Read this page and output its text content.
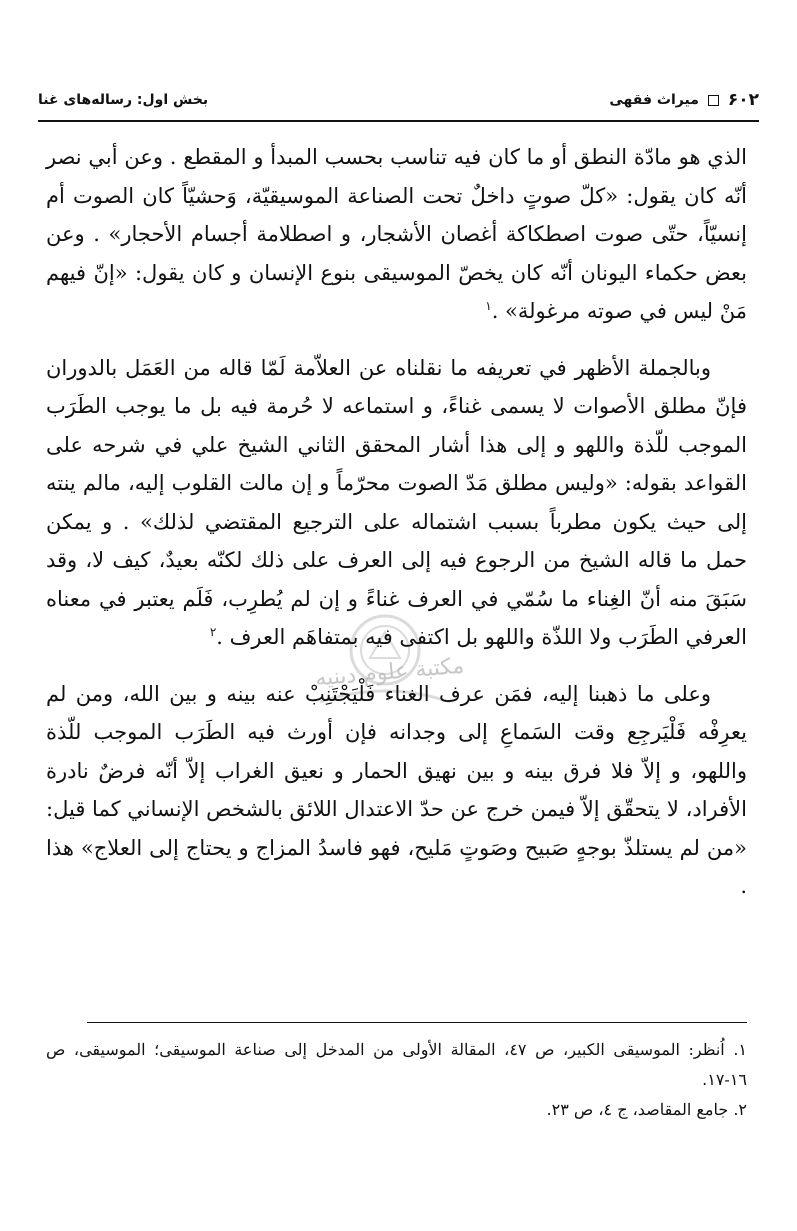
۶۰۲
میراث فقهی
بخش اول: رساله‌های غنا
مکتبة علوم‌ دینیه

الذي هو مادّة النطق أو ما كان فيه تناسب بحسب المبدأ و المقطع . وعن أبي نصر أنّه كان يقول: «كلّ صوتٍ داخلٌ تحت الصناعة الموسيقيّة، وَحشيّاً كان الصوت أم إنسيّاً، حتّى صوت اصطكاكة أغصان الأشجار، و اصطلامة أجسام الأحجار» . وعن بعض حكماء اليونان أنّه كان يخصّ الموسيقى بنوع الإنسان و كان يقول: «إنّ فيهم مَنْ ليس في صوته مرغولة» .$^١$

وبالجملة الأظهر في تعريفه ما نقلناه عن العلاّمة لَمّا قاله من العَمَل بالدوران فإنّ مطلق الأصوات لا يسمى غناءً، و استماعه لا حُرمة فيه بل ما يوجب الطَرَب الموجب للّذة واللهو و إلى هذا أشار المحقق الثاني الشيخ علي في شرحه على القواعد بقوله: «وليس مطلق مَدّ الصوت محرّماً و إن مالت القلوب إليه، مالم ينته إلى حيث يكون مطرباً بسبب اشتماله على الترجيع المقتضي لذلك» . و يمكن حمل ما قاله الشيخ من الرجوع فيه إلى العرف على ذلك لكنّه بعيدٌ، كيف لا، وقد سَبَقَ منه أنّ الغِناء ما سُمّي في العرف غناءً و إن لم يُطرِب، فَلَم يعتبر في معناه العرفي الطَرَب ولا اللذّة واللهو بل اكتفى فيه بمتفاهَم العرف .$^٢$

وعلى ما ذهبنا إليه، فمَن عرف الغناء فَلْيَجْتَنِبْ عنه بينه و بين الله، ومن لم يعرِفْه فَلْيَرجِع وقت السَماعِ إلى وجدانه فإن أورث فيه الطَرَب الموجب للّذة واللهو، و إلاّ فلا فرق بينه و بين نهيق الحمار و نعيق الغراب إلاّ أنّه فرضٌ نادرة الأفراد، لا يتحقّق إلاّ فيمن خرج عن حدّ الاعتدال اللائق بالشخص الإنساني كما قيل: «من لم يستلذّ بوجهٍ صَبيح وصَوتٍ مَليح، فهو فاسدُ المزاج و يحتاج إلى العلاج» هذا .

١. اُنظر: الموسيقى الكبير، ص ٤٧، المقالة الأولى من المدخل إلى صناعة الموسيقى؛ الموسيقى، ص ١٦-١٧.

٢. جامع المقاصد، ج ٤، ص ٢٣.
